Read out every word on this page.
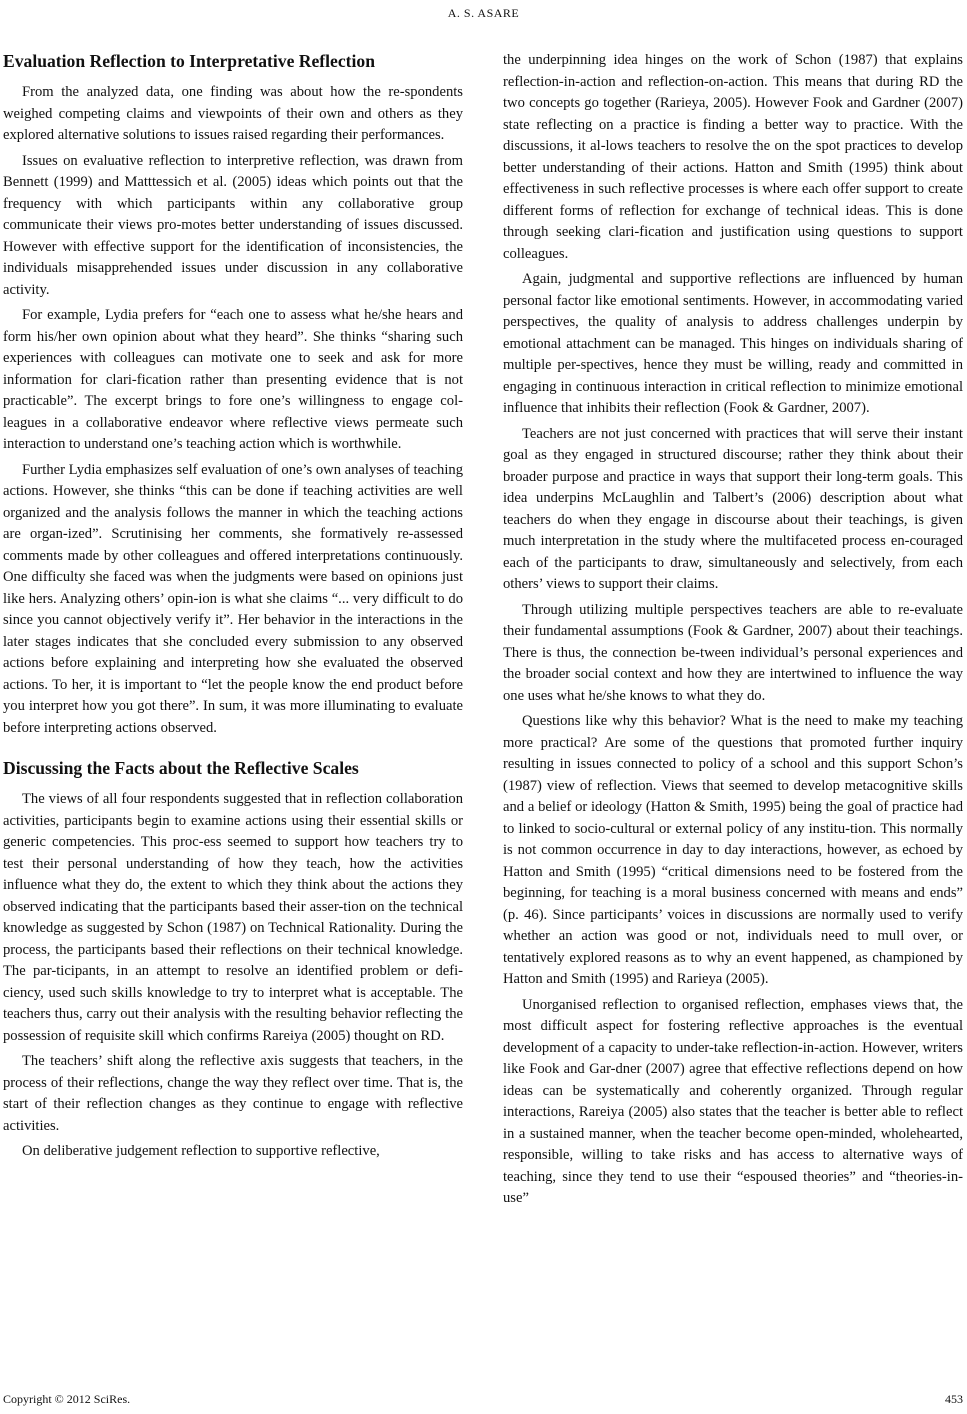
A. S. ASARE
Evaluation Reflection to Interpretative Reflection

From the analyzed data, one finding was about how the re-spondents weighed competing claims and viewpoints of their own and others as they explored alternative solutions to issues raised regarding their performances.

Issues on evaluative reflection to interpretive reflection, was drawn from Bennett (1999) and Matttessich et al. (2005) ideas which points out that the frequency with which participants within any collaborative group communicate their views pro-motes better understanding of issues discussed. However with effective support for the identification of inconsistencies, the individuals misapprehended issues under discussion in any collaborative activity.

For example, Lydia prefers for “each one to assess what he/she hears and form his/her own opinion about what they heard”. She thinks “sharing such experiences with colleagues can motivate one to seek and ask for more information for clari-fication rather than presenting evidence that is not practicable”. The excerpt brings to fore one’s willingness to engage col-leagues in a collaborative endeavor where reflective views permeate such interaction to understand one’s teaching action which is worthwhile.

Further Lydia emphasizes self evaluation of one’s own analyses of teaching actions. However, she thinks “this can be done if teaching activities are well organized and the analysis follows the manner in which the teaching actions are organ-ized”. Scrutinising her comments, she formatively re-assessed comments made by other colleagues and offered interpretations continuously. One difficulty she faced was when the judgments were based on opinions just like hers. Analyzing others’ opin-ion is what she claims “... very difficult to do since you cannot objectively verify it”. Her behavior in the interactions in the later stages indicates that she concluded every submission to any observed actions before explaining and interpreting how she evaluated the observed actions. To her, it is important to “let the people know the end product before you interpret how you got there”. In sum, it was more illuminating to evaluate before interpreting actions observed.

Discussing the Facts about the Reflective Scales

The views of all four respondents suggested that in reflection collaboration activities, participants begin to examine actions using their essential skills or generic competencies. This proc-ess seemed to support how teachers try to test their personal understanding of how they teach, how the activities influence what they do, the extent to which they think about the actions they observed indicating that the participants based their asser-tion on the technical knowledge as suggested by Schon (1987) on Technical Rationality. During the process, the participants based their reflections on their technical knowledge. The par-ticipants, in an attempt to resolve an identified problem or defi-ciency, used such skills knowledge to try to interpret what is acceptable. The teachers thus, carry out their analysis with the resulting behavior reflecting the possession of requisite skill which confirms Rareiya (2005) thought on RD.

The teachers’ shift along the reflective axis suggests that teachers, in the process of their reflections, change the way they reflect over time. That is, the start of their reflection changes as they continue to engage with reflective activities.

On deliberative judgement reflection to supportive reflective,

the underpinning idea hinges on the work of Schon (1987) that explains reflection-in-action and reflection-on-action. This means that during RD the two concepts go together (Rarieya, 2005). However Fook and Gardner (2007) state reflecting on a practice is finding a better way to practice. With the discussions, it al-lows teachers to resolve the on the spot practices to develop better understanding of their actions. Hatton and Smith (1995) think about effectiveness in such reflective processes is where each offer support to create different forms of reflection for exchange of technical ideas. This is done through seeking clari-fication and justification using questions to support colleagues.

Again, judgmental and supportive reflections are influenced by human personal factor like emotional sentiments. However, in accommodating varied perspectives, the quality of analysis to address challenges underpin by emotional attachment can be managed. This hinges on individuals sharing of multiple per-spectives, hence they must be willing, ready and committed in engaging in continuous interaction in critical reflection to minimize emotional influence that inhibits their reflection (Fook & Gardner, 2007).

Teachers are not just concerned with practices that will serve their instant goal as they engaged in structured discourse; rather they think about their broader purpose and practice in ways that support their long-term goals. This idea underpins McLaughlin and Talbert’s (2006) description about what teachers do when they engage in discourse about their teachings, is given much interpretation in the study where the multifaceted process en-couraged each of the participants to draw, simultaneously and selectively, from each others’ views to support their claims.

Through utilizing multiple perspectives teachers are able to re-evaluate their fundamental assumptions (Fook & Gardner, 2007) about their teachings. There is thus, the connection be-tween individual’s personal experiences and the broader social context and how they are intertwined to influence the way one uses what he/she knows to what they do.

Questions like why this behavior? What is the need to make my teaching more practical? Are some of the questions that promoted further inquiry resulting in issues connected to policy of a school and this support Schon’s (1987) view of reflection. Views that seemed to develop metacognitive skills and a belief or ideology (Hatton & Smith, 1995) being the goal of practice had to linked to socio-cultural or external policy of any institu-tion. This normally is not common occurrence in day to day interactions, however, as echoed by Hatton and Smith (1995) “critical dimensions need to be fostered from the beginning, for teaching is a moral business concerned with means and ends” (p. 46). Since participants’ voices in discussions are normally used to verify whether an action was good or not, individuals need to mull over, or tentatively explored reasons as to why an event happened, as championed by Hatton and Smith (1995) and Rarieya (2005).

Unorganised reflection to organised reflection, emphases views that, the most difficult aspect for fostering reflective approaches is the eventual development of a capacity to under-take reflection-in-action. However, writers like Fook and Gar-dner (2007) agree that effective reflections depend on how ideas can be systematically and coherently organized. Through regular interactions, Rareiya (2005) also states that the teacher is better able to reflect in a sustained manner, when the teacher become open-minded, wholehearted, responsible, willing to take risks and has access to alternative ways of teaching, since they tend to use their “espoused theories” and “theories-in-use”

Copyright © 2012 SciRes.	453
